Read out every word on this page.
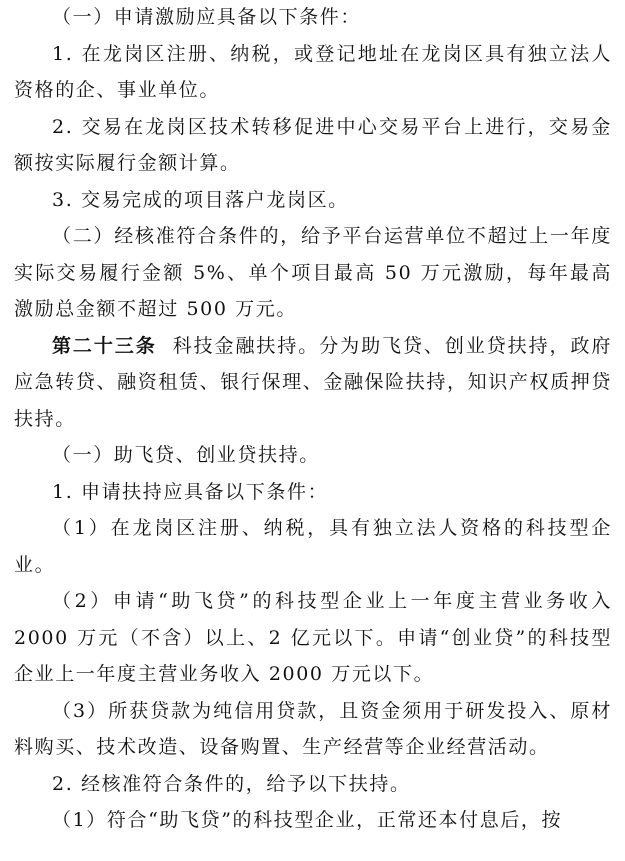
（一）申请激励应具备以下条件：

1. 在龙岗区注册、纳税，或登记地址在龙岗区具有独立法人资格的企、事业单位。

2. 交易在龙岗区技术转移促进中心交易平台上进行，交易金额按实际履行金额计算。

3. 交易完成的项目落户龙岗区。

（二）经核准符合条件的，给予平台运营单位不超过上一年度实际交易履行金额 5%、单个项目最高 50 万元激励，每年最高激励总金额不超过 500 万元。

第二十三条 科技金融扶持。分为助飞贷、创业贷扶持，政府应急转贷、融资租赁、银行保理、金融保险扶持，知识产权质押贷扶持。

（一）助飞贷、创业贷扶持。

1. 申请扶持应具备以下条件：

（1）在龙岗区注册、纳税，具有独立法人资格的科技型企业。

（2）申请“助飞贷”的科技型企业上一年度主营业务收入 2000 万元（不含）以上、2 亿元以下。申请“创业贷”的科技型企业上一年度主营业务收入 2000 万元以下。

（3）所获贷款为纯信用贷款，且资金须用于研发投入、原材料购买、技术改造、设备购置、生产经营等企业经营活动。

2. 经核准符合条件的，给予以下扶持。

（1）符合“助飞贷”的科技型企业，正常还本付息后，按
